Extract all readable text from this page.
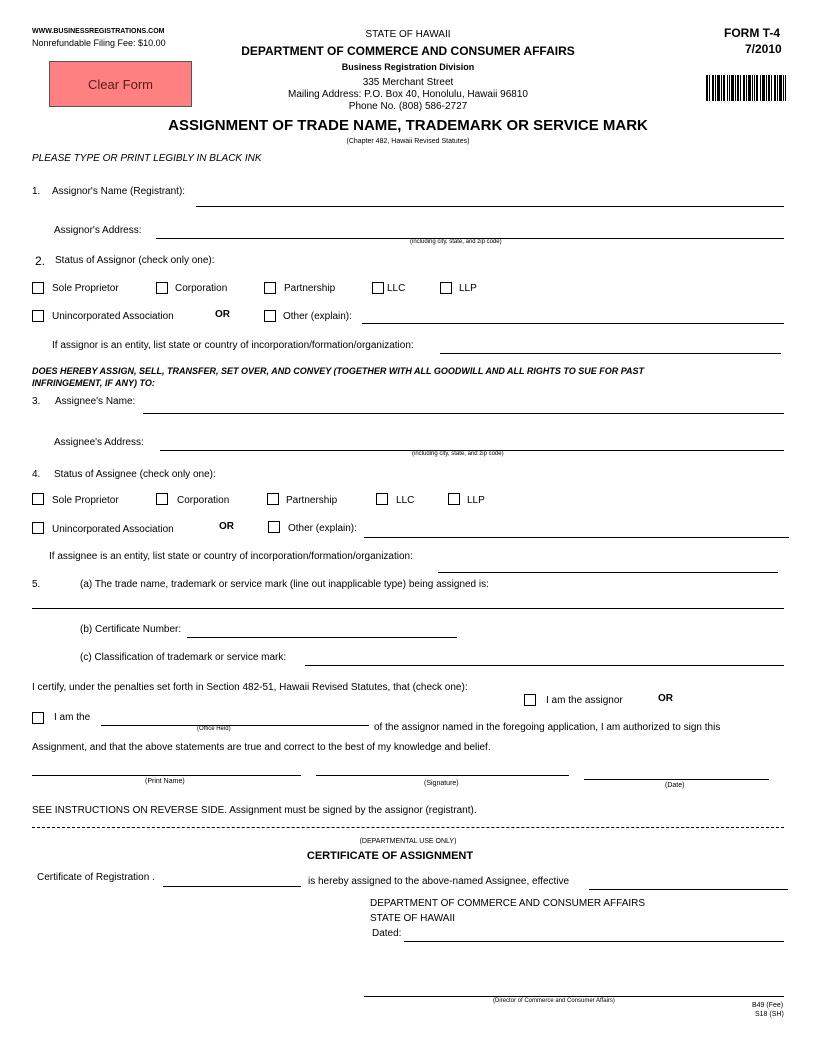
WWW.BUSINESSREGISTRATIONS.COM
Nonrefundable Filing Fee: $10.00
STATE OF HAWAII
DEPARTMENT OF COMMERCE AND CONSUMER AFFAIRS
Business Registration Division
335 Merchant Street
Mailing Address: P.O. Box 40, Honolulu, Hawaii 96810
Phone No. (808) 586-2727
FORM T-4
7/2010
Clear Form
ASSIGNMENT OF TRADE NAME, TRADEMARK OR SERVICE MARK
(Chapter 482, Hawaii Revised Statutes)
PLEASE TYPE OR PRINT LEGIBLY IN BLACK INK
1. Assignor's Name (Registrant):
Assignor's Address:
(including city, state, and zip code)
2. Status of Assignor (check only one):
Sole Proprietor	Corporation	Partnership	LLC	LLP
Unincorporated Association	OR	Other (explain):
If assignor is an entity, list state or country of incorporation/formation/organization:
DOES HEREBY ASSIGN, SELL, TRANSFER, SET OVER, AND CONVEY (TOGETHER WITH ALL GOODWILL AND ALL RIGHTS TO SUE FOR PAST
INFRINGEMENT, IF ANY) TO:
3. Assignee's Name:
Assignee's Address:
(including city, state, and zip code)
4. Status of Assignee (check only one):
Sole Proprietor	Corporation	Partnership	LLC	LLP
Unincorporated Association	OR	Other (explain):
If assignee is an entity, list state or country of incorporation/formation/organization:
5.	(a) The trade name, trademark or service mark (line out inapplicable type) being assigned is:
(b) Certificate Number:
(c) Classification of trademark or service mark:
I certify, under the penalties set forth in Section 482-51, Hawaii Revised Statutes, that (check one):
I am the assignor	OR
I am the
(Office Held)	of the assignor named in the foregoing application, I am authorized to sign this
Assignment, and that the above statements are true and correct to the best of my knowledge and belief.
(Print Name)	(Signature)	(Date)
SEE INSTRUCTIONS ON REVERSE SIDE. Assignment must be signed by the assignor (registrant).
(DEPARTMENTAL USE ONLY)
CERTIFICATE OF ASSIGNMENT
Certificate of Registration .	is hereby assigned to the above-named Assignee, effective
DEPARTMENT OF COMMERCE AND CONSUMER AFFAIRS
STATE OF HAWAII
Dated:
(Director of Commerce and Consumer Affairs)
B49 (Fee)
S18 (SH)
